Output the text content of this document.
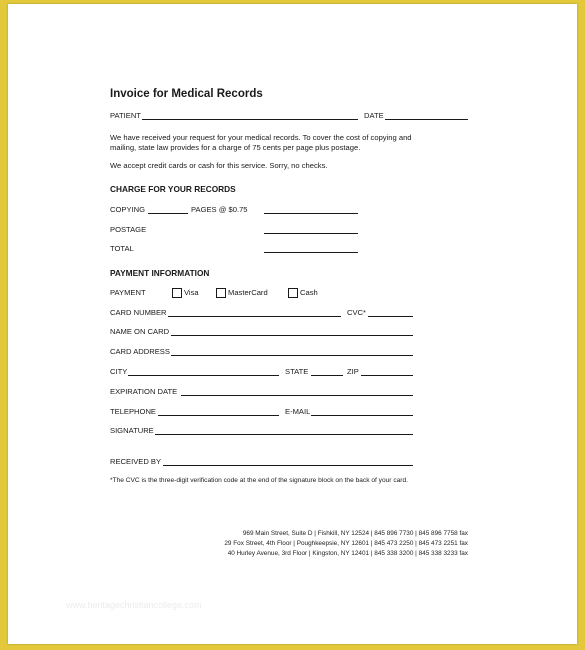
Invoice for Medical Records
PATIENT	DATE
We have received your request for your medical records. To cover the cost of copying and
mailing, state law provides for a charge of 75 cents per page plus postage.
We accept credit cards or cash for this service. Sorry, no checks.
CHARGE FOR YOUR RECORDS
COPYING	PAGES @ $0.75
POSTAGE
TOTAL
PAYMENT INFORMATION
PAYMENT	Visa	MasterCard	Cash
CARD NUMBER	CVC*
NAME ON CARD
CARD ADDRESS
CITY	STATE	ZIP
EXPIRATION DATE
TELEPHONE	E-MAIL
SIGNATURE
RECEIVED BY
*The CVC is the three-digit verification code at the end of the signature block on the back of your card.
969 Main Street, Suite D | Fishkill, NY 12524 | 845 896 7730 | 845 896 7758 fax
29 Fox Street, 4th Floor | Poughkeepsie, NY 12601 | 845 473 2250 | 845 473 2251 fax
40 Hurley Avenue, 3rd Floor | Kingston, NY 12401 | 845 338 3200 | 845 338 3233 fax
www.heritagechristiancollege.com
